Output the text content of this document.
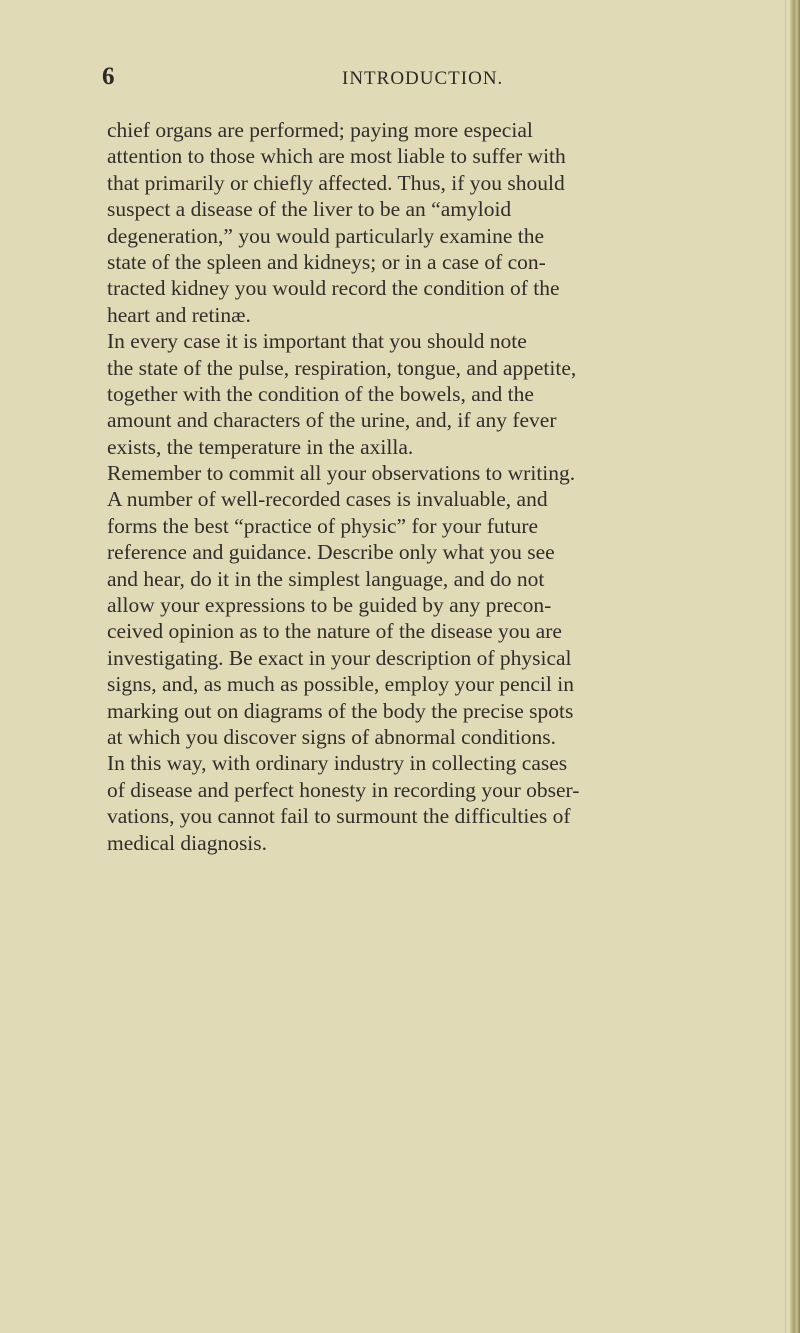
6	INTRODUCTION.
chief organs are performed; paying more especial
attention to those which are most liable to suffer with
that primarily or chiefly affected. Thus, if you should
suspect a disease of the liver to be an “amyloid
degeneration,” you would particularly examine the
state of the spleen and kidneys; or in a case of con-
tracted kidney you would record the condition of the
heart and retinæ.
In every case it is important that you should note
the state of the pulse, respiration, tongue, and appetite,
together with the condition of the bowels, and the
amount and characters of the urine, and, if any fever
exists, the temperature in the axilla.
Remember to commit all your observations to writing.
A number of well-recorded cases is invaluable, and
forms the best “practice of physic” for your future
reference and guidance. Describe only what you see
and hear, do it in the simplest language, and do not
allow your expressions to be guided by any precon-
ceived opinion as to the nature of the disease you are
investigating. Be exact in your description of physical
signs, and, as much as possible, employ your pencil in
marking out on diagrams of the body the precise spots
at which you discover signs of abnormal conditions.
In this way, with ordinary industry in collecting cases
of disease and perfect honesty in recording your obser-
vations, you cannot fail to surmount the difficulties of
medical diagnosis.
